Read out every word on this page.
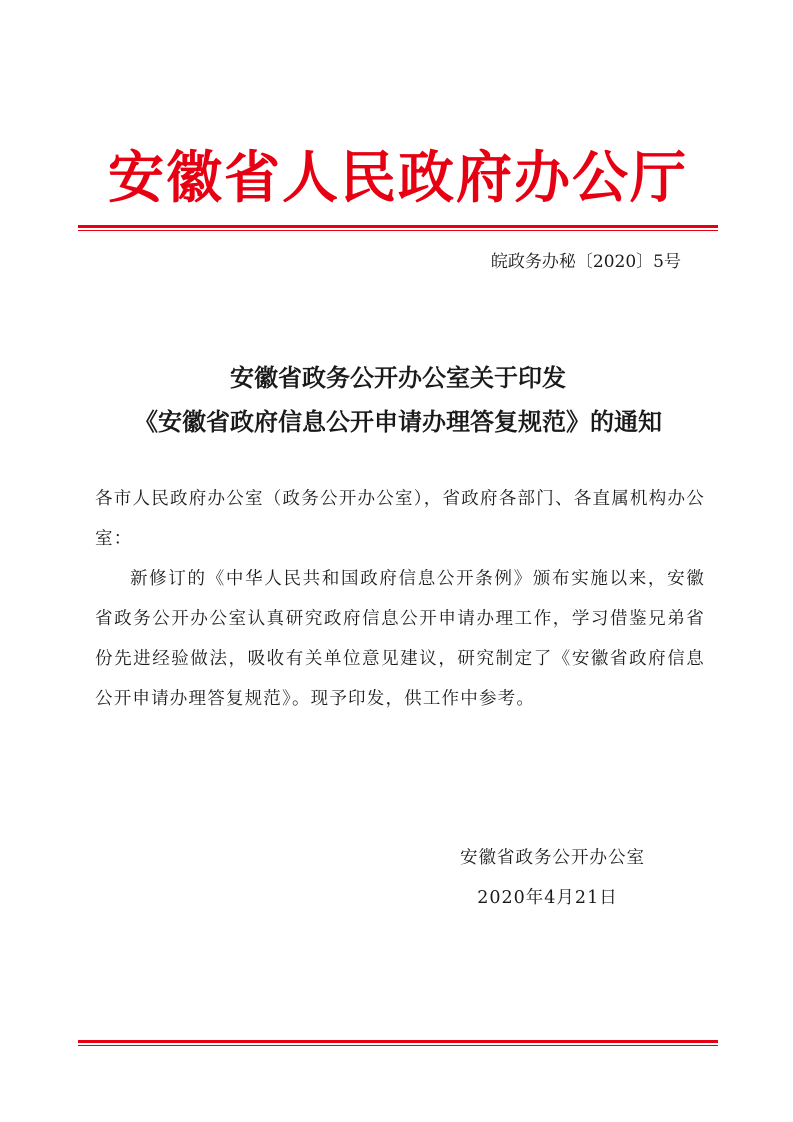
安徽省人民政府办公厅
皖政务办秘〔2020〕5号
安徽省政务公开办公室关于印发
《安徽省政府信息公开申请办理答复规范》的通知

各市人民政府办公室（政务公开办公室），省政府各部门、各直属机构办公室：

新修订的《中华人民共和国政府信息公开条例》颁布实施以来，安徽省政务公开办公室认真研究政府信息公开申请办理工作，学习借鉴兄弟省份先进经验做法，吸收有关单位意见建议，研究制定了《安徽省政府信息公开申请办理答复规范》。现予印发，供工作中参考。

安徽省政务公开办公室
2020年4月21日
